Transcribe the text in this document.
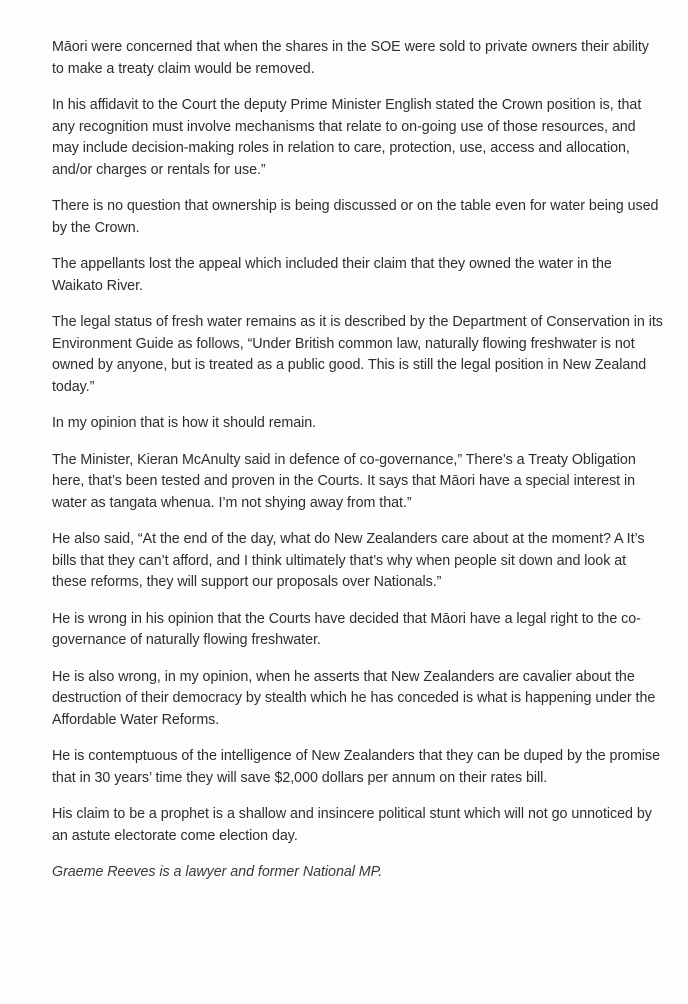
Māori were concerned that when the shares in the SOE were sold to private owners their ability to make a treaty claim would be removed.

In his affidavit to the Court the deputy Prime Minister English stated the Crown position is, that any recognition must involve mechanisms that relate to on-going use of those resources, and may include decision-making roles in relation to care, protection, use, access and allocation, and/or charges or rentals for use.”

There is no question that ownership is being discussed or on the table even for water being used by the Crown.

The appellants lost the appeal which included their claim that they owned the water in the Waikato River.

The legal status of fresh water remains as it is described by the Department of Conservation in its Environment Guide as follows, “Under British common law, naturally flowing freshwater is not owned by anyone, but is treated as a public good. This is still the legal position in New Zealand today.”

In my opinion that is how it should remain.

The Minister, Kieran McAnulty said in defence of co-governance,” There’s a Treaty Obligation here, that’s been tested and proven in the Courts. It says that Māori have a special interest in water as tangata whenua. I’m not shying away from that.”

He also said, “At the end of the day, what do New Zealanders care about at the moment? A It’s bills that they can’t afford, and I think ultimately that’s why when people sit down and look at these reforms, they will support our proposals over Nationals.”

He is wrong in his opinion that the Courts have decided that Māori have a legal right to the co-governance of naturally flowing freshwater.

He is also wrong, in my opinion, when he asserts that New Zealanders are cavalier about the destruction of their democracy by stealth which he has conceded is what is happening under the Affordable Water Reforms.

He is contemptuous of the intelligence of New Zealanders that they can be duped by the promise that in 30 years’ time they will save $2,000 dollars per annum on their rates bill.

His claim to be a prophet is a shallow and insincere political stunt which will not go unnoticed by an astute electorate come election day.

Graeme Reeves is a lawyer and former National MP.
